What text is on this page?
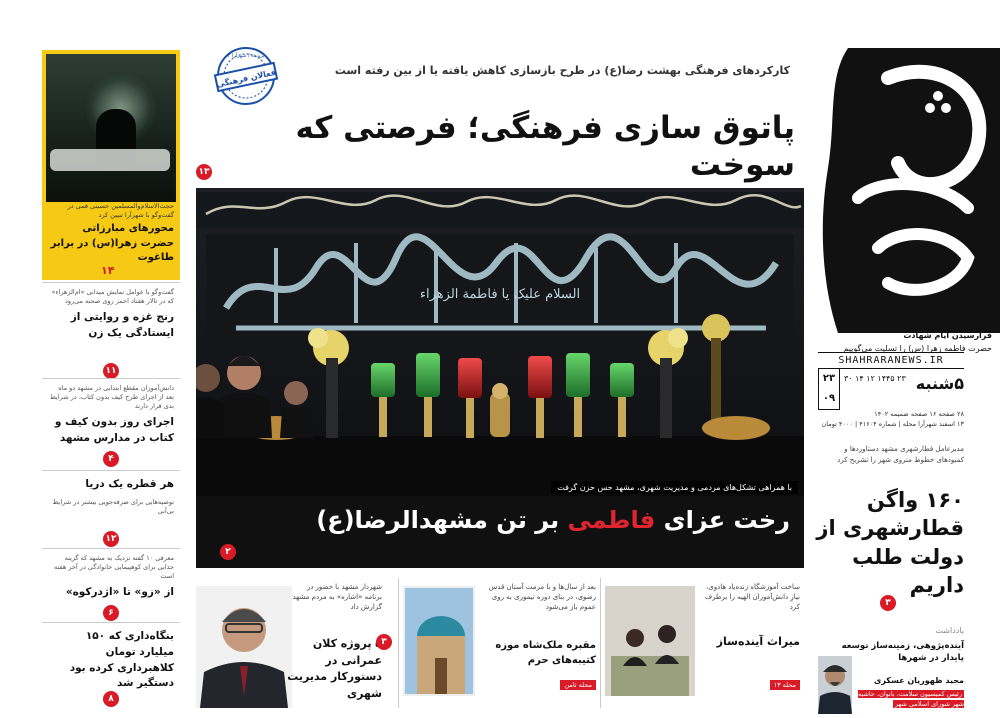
حجت‌الاسلام‌والمسلمین حسینی قمی در گفت‌وگو با شهرآرا تبیین کرد
محورهای مبارزاتی حضرت زهرا(س) در برابر طاغوت
۱۴
گفت‌وگو با عوامل نمایش میدانی «ام‌الزهراء» که در تالار هفتاد احمر روی صحنه می‌رود
رنج غزه و روایتی از ایستادگی یک زن
۱۱
دانش‌آموزان مقطع ابتدایی در مشهد دو ماه بعد از اجرای طرح کیف بدون کتاب، در شرایط بدی قرار دارند
اجرای روز بدون کیف و کتاب در مدارس مشهد
۴
هر قطره یک دریا
توصیه‌هایی برای صرفه‌جویی بیشتر در شرایط بی‌آبی
۱۲
معرفی ۱۰ گفته نزدیک به مشهد که گزینه جذابی برای کوهپیمایی خانوادگی در آخر هفته است
از «زو» تا «اژدرکوه»
۶
بنگاه‌داری که ۱۵۰ میلیارد تومان کلاهبرداری کرده بود دستگیر شد
۸
فرارسیدن ایام شهادت
حضرت فاطمه زهرا (س) را تسلیت می‌گوییم
SHAHRARANEWS.IR
۲۳ ۰۹
۳۰ ۱۴ ۱۲ ۱۴۴۵ ۲۳ ۵شنبه
۲۸ صفحه ۱۶ صفحه ضمیمه ۱۴۰۲
۱۳ اسفند شهرآرا محله | شماره ۴۱۶۰۴ | ۴۰۰۰ تومان
مدیرعامل قطارشهری مشهد دستاوردها و کمبودهای خطوط متروی شهر را تشریح کرد
۱۶۰ واگن قطارشهری از دولت طلب داریم
۳
یادداشت
آینده‌پژوهی، زمینه‌ساز توسعه پایدار در شهرها
مجید ظهوریان عسکری
رئیس کمیسیون سلامت، بانوان، حاشیه شهر شورای اسلامی شهر
فعالان فرهنگی
۴ پرونده / شهرآرا
کارکردهای فرهنگی بهشت رضا(ع) در طرح بازسازی کاهش یافته یا از بین رفته است
پاتوق سازی فرهنگی؛ فرصتی که سوخت
۱۳
السلام علیک یا فاطمة الزهراء
با همراهی تشکل‌های مردمی و مدیریت شهری، مشهد حس حزن گرفت
رخت عزای فاطمی بر تن مشهدالرضا(ع)
۲
شهردار مشهد با حضور در برنامه «اشاره» به مردم مشهد گزارش داد
پروژه کلان عمرانی در دستورکار مدیریت شهری
۳
بعد از سال‌ها و با مرمت آستان قدس رضوی، در بنای دوره تیموری به روی عموم باز می‌شود
مقبره ملک‌شاه موزه کتیبه‌های حرم
محله ثامن
ساخت آموزشگاه زنده‌یاد هادوی، نیازِ دانش‌آموزان الهیه را برطرف کرد
میراث آینده‌ساز
محله ۱۳
